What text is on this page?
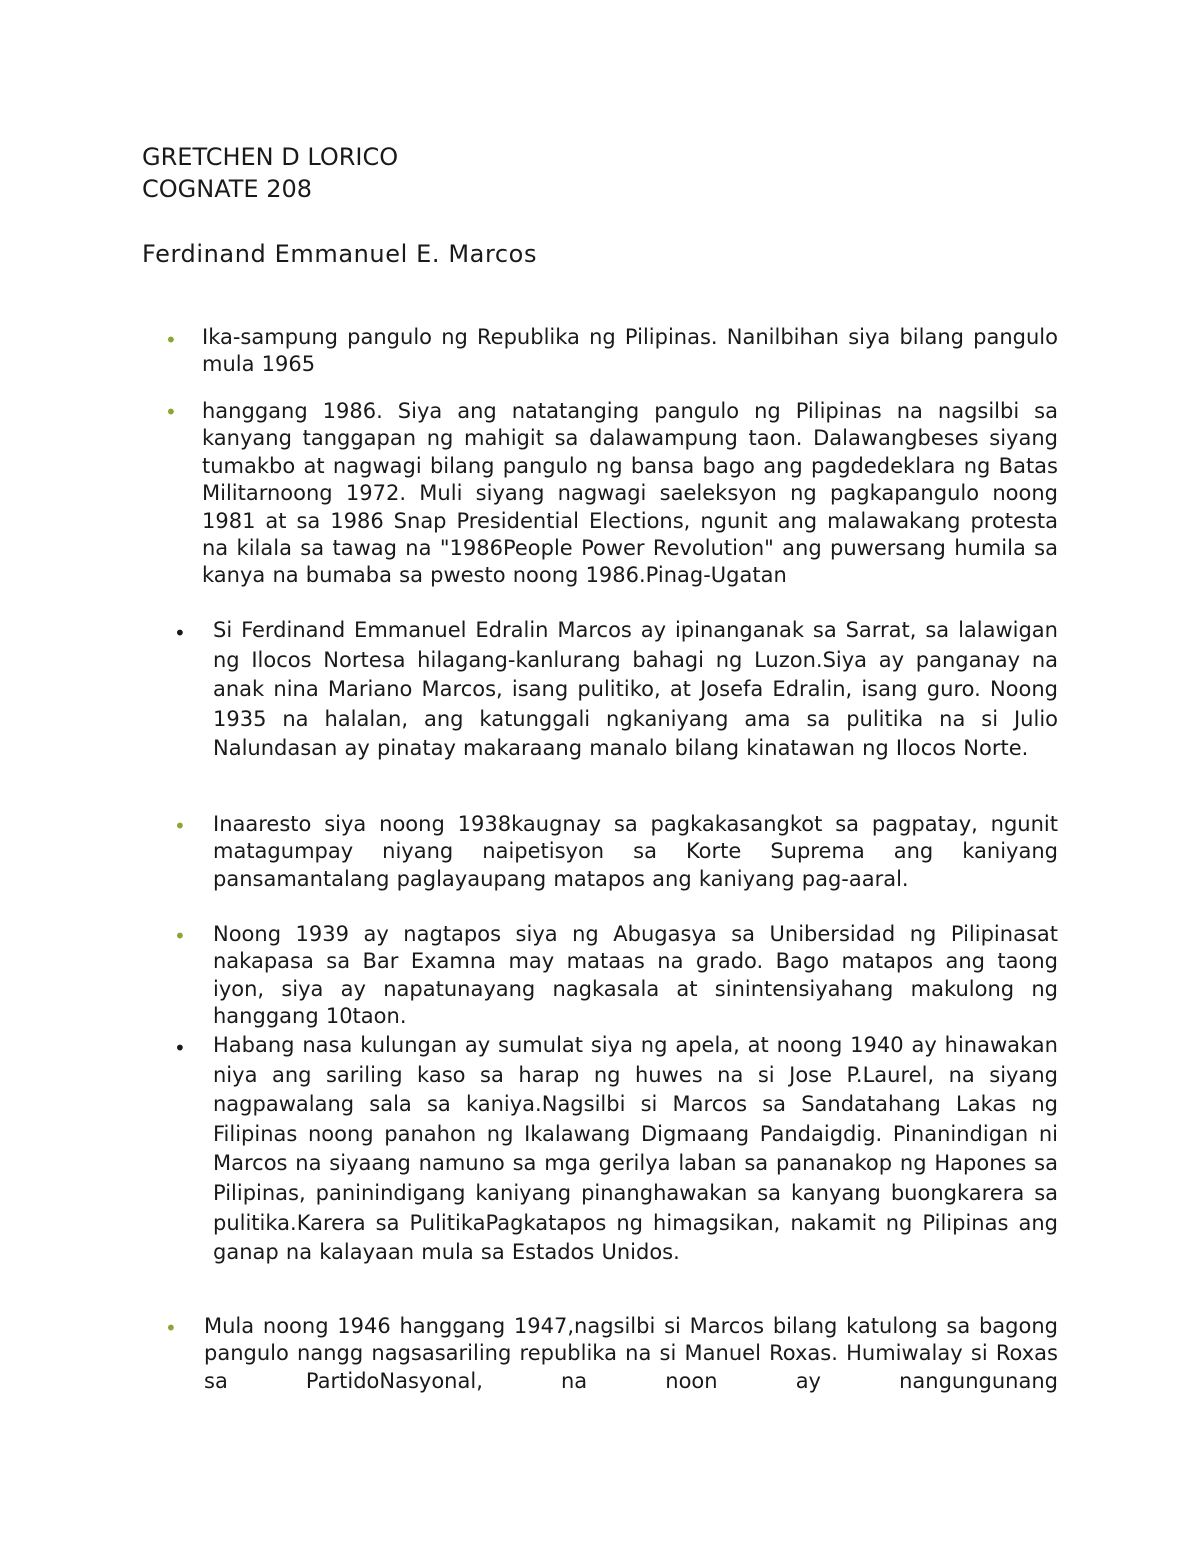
GRETCHEN D LORICO
COGNATE 208
Ferdinand Emmanuel E. Marcos
• Ika-sampung pangulo ng Republika ng Pilipinas. Nanilbihan siya bilang pangulo mula 1965
• hanggang 1986. Siya ang natatanging pangulo ng Pilipinas na nagsilbi sa kanyang tanggapan ng mahigit sa dalawampung taon. Dalawangbeses siyang tumakbo at nagwagi bilang pangulo ng bansa bago ang pagdedeklara ng Batas Militarnoong 1972. Muli siyang nagwagi saeleksyon ng pagkapangulo noong 1981 at sa 1986 Snap Presidential Elections, ngunit ang malawakang protesta na kilala sa tawag na "1986People Power Revolution" ang puwersang humila sa kanya na bumaba sa pwesto noong 1986.Pinag-Ugatan
• Si Ferdinand Emmanuel Edralin Marcos ay ipinanganak sa Sarrat, sa lalawigan ng Ilocos Nortesa hilagang-kanlurang bahagi ng Luzon.Siya ay panganay na anak nina Mariano Marcos, isang pulitiko, at Josefa Edralin, isang guro. Noong 1935 na halalan, ang katunggali ngkaniyang ama sa pulitika na si Julio Nalundasan ay pinatay makaraang manalo bilang kinatawan ng Ilocos Norte.
• Inaaresto siya noong 1938kaugnay sa pagkakasangkot sa pagpatay, ngunit matagumpay niyang naipetisyon sa Korte Suprema ang kaniyang pansamantalang paglayaupang matapos ang kaniyang pag-aaral.
• Noong 1939 ay nagtapos siya ng Abugasya sa Unibersidad ng Pilipinasat nakapasa sa Bar Examna may mataas na grado. Bago matapos ang taong iyon, siya ay napatunayang nagkasala at sinintensiyahang makulong ng hanggang 10taon.
• Habang nasa kulungan ay sumulat siya ng apela, at noong 1940 ay hinawakan niya ang sariling kaso sa harap ng huwes na si Jose P.Laurel, na siyang nagpawalang sala sa kaniya.Nagsilbi si Marcos sa Sandatahang Lakas ng Filipinas noong panahon ng Ikalawang Digmaang Pandaigdig. Pinanindigan ni Marcos na siyaang namuno sa mga gerilya laban sa pananakop ng Hapones sa Pilipinas, paninindigang kaniyang pinanghawakan sa kanyang buongkarera sa pulitika.Karera sa PulitikaPagkatapos ng himagsikan, nakamit ng Pilipinas ang ganap na kalayaan mula sa Estados Unidos.
• Mula noong 1946 hanggang 1947,nagsilbi si Marcos bilang katulong sa bagong pangulo nangg nagsasariling republika na si Manuel Roxas. Humiwalay si Roxas sa PartidoNasyonal, na noon ay nangungunang
